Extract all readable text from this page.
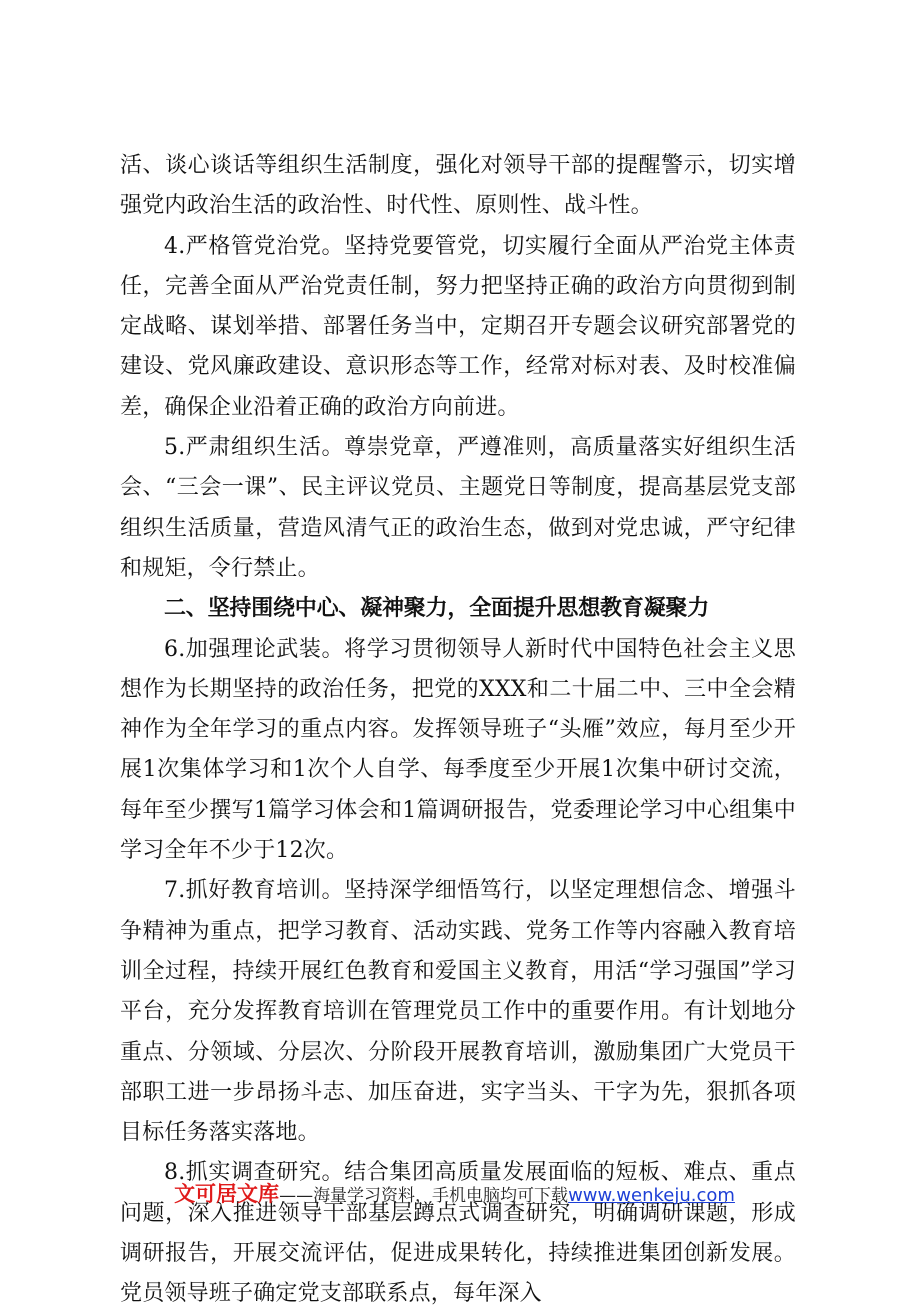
活、谈心谈话等组织生活制度，强化对领导干部的提醒警示，切实增强党内政治生活的政治性、时代性、原则性、战斗性。

4.严格管党治党。坚持党要管党，切实履行全面从严治党主体责任，完善全面从严治党责任制，努力把坚持正确的政治方向贯彻到制定战略、谋划举措、部署任务当中，定期召开专题会议研究部署党的建设、党风廉政建设、意识形态等工作，经常对标对表、及时校准偏差，确保企业沿着正确的政治方向前进。

5.严肃组织生活。尊崇党章，严遵准则，高质量落实好组织生活会、“三会一课”、民主评议党员、主题党日等制度，提高基层党支部组织生活质量，营造风清气正的政治生态，做到对党忠诚，严守纪律和规矩，令行禁止。

二、坚持围绕中心、凝神聚力，全面提升思想教育凝聚力

6.加强理论武装。将学习贯彻领导人新时代中国特色社会主义思想作为长期坚持的政治任务，把党的XXX和二十届二中、三中全会精神作为全年学习的重点内容。发挥领导班子“头雁”效应，每月至少开展1次集体学习和1次个人自学、每季度至少开展1次集中研讨交流，每年至少撰写1篇学习体会和1篇调研报告，党委理论学习中心组集中学习全年不少于12次。

7.抓好教育培训。坚持深学细悟笃行，以坚定理想信念、增强斗争精神为重点，把学习教育、活动实践、党务工作等内容融入教育培训全过程，持续开展红色教育和爱国主义教育，用活“学习强国”学习平台，充分发挥教育培训在管理党员工作中的重要作用。有计划地分重点、分领域、分层次、分阶段开展教育培训，激励集团广大党员干部职工进一步昂扬斗志、加压奋进，实字当头、干字为先，狠抓各项目标任务落实落地。

8.抓实调查研究。结合集团高质量发展面临的短板、难点、重点问题，深入推进领导干部基层蹲点式调查研究，明确调研课题，形成调研报告，开展交流评估，促进成果转化，持续推进集团创新发展。党员领导班子确定党支部联系点，每年深入

文可居文库——海量学习资料，手机电脑均可下载www.wenkeju.com
